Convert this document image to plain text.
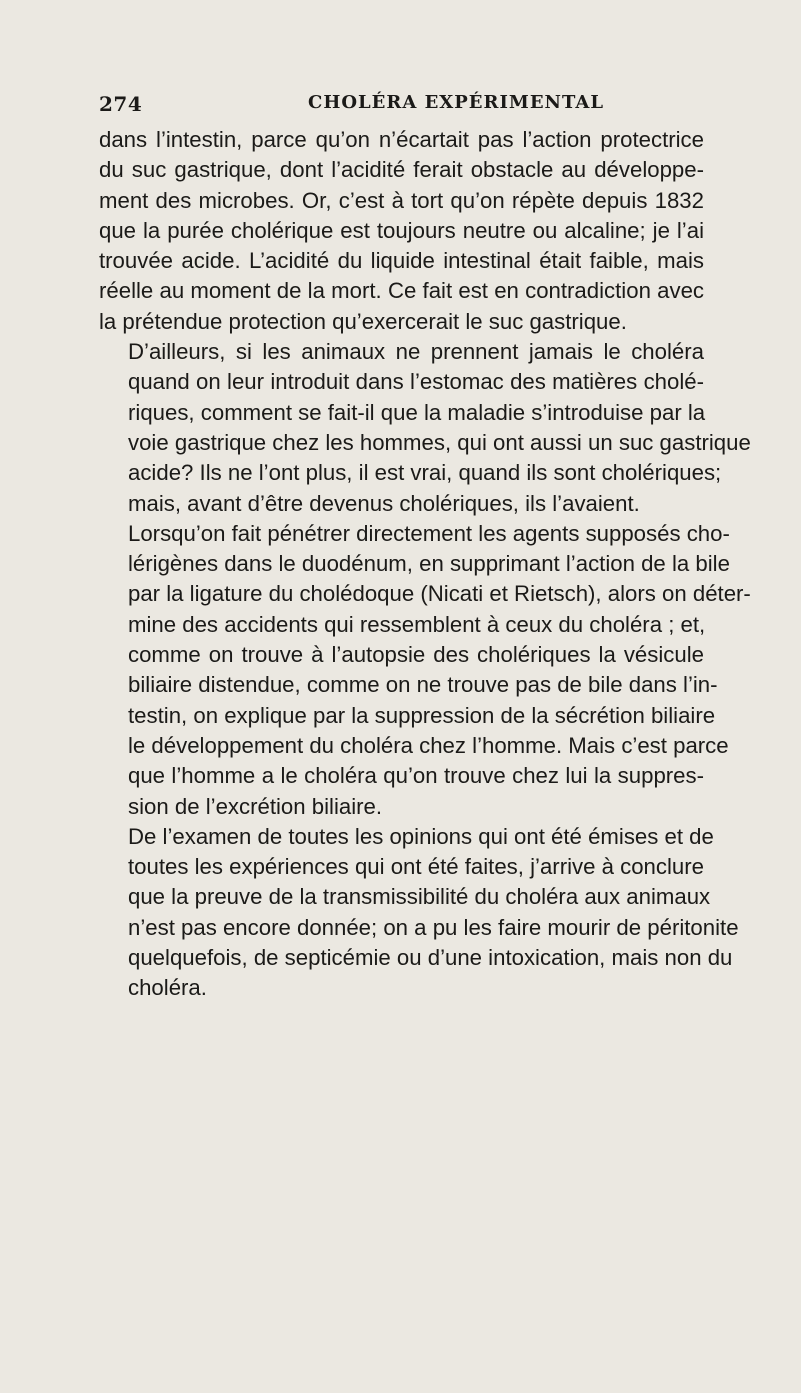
274	CHOLÉRA EXPÉRIMENTAL

dans l’intestin, parce qu’on n’écartait pas l’action protectrice
du suc gastrique, dont l’acidité ferait obstacle au développe-
ment des microbes. Or, c’est à tort qu’on répète depuis 1832
que la purée cholérique est toujours neutre ou alcaline; je l’ai
trouvée acide. L’acidité du liquide intestinal était faible, mais
réelle au moment de la mort. Ce fait est en contradiction avec
la prétendue protection qu’exercerait le suc gastrique.

D’ailleurs, si les animaux ne prennent jamais le choléra
quand on leur introduit dans l’estomac des matières cholé-
riques, comment se fait-il que la maladie s’introduise par la
voie gastrique chez les hommes, qui ont aussi un suc gastrique
acide? Ils ne l’ont plus, il est vrai, quand ils sont cholériques;
mais, avant d’être devenus cholériques, ils l’avaient.

Lorsqu’on fait pénétrer directement les agents supposés cho-
lérigènes dans le duodénum, en supprimant l’action de la bile
par la ligature du cholédoque (Nicati et Rietsch), alors on déter-
mine des accidents qui ressemblent à ceux du choléra ; et,
comme on trouve à l’autopsie des cholériques la vésicule
biliaire distendue, comme on ne trouve pas de bile dans l’in-
testin, on explique par la suppression de la sécrétion biliaire
le développement du choléra chez l’homme. Mais c’est parce
que l’homme a le choléra qu’on trouve chez lui la suppres-
sion de l’excrétion biliaire.

De l’examen de toutes les opinions qui ont été émises et de
toutes les expériences qui ont été faites, j’arrive à conclure
que la preuve de la transmissibilité du choléra aux animaux
n’est pas encore donnée; on a pu les faire mourir de péritonite
quelquefois, de septicémie ou d’une intoxication, mais non du
choléra.
